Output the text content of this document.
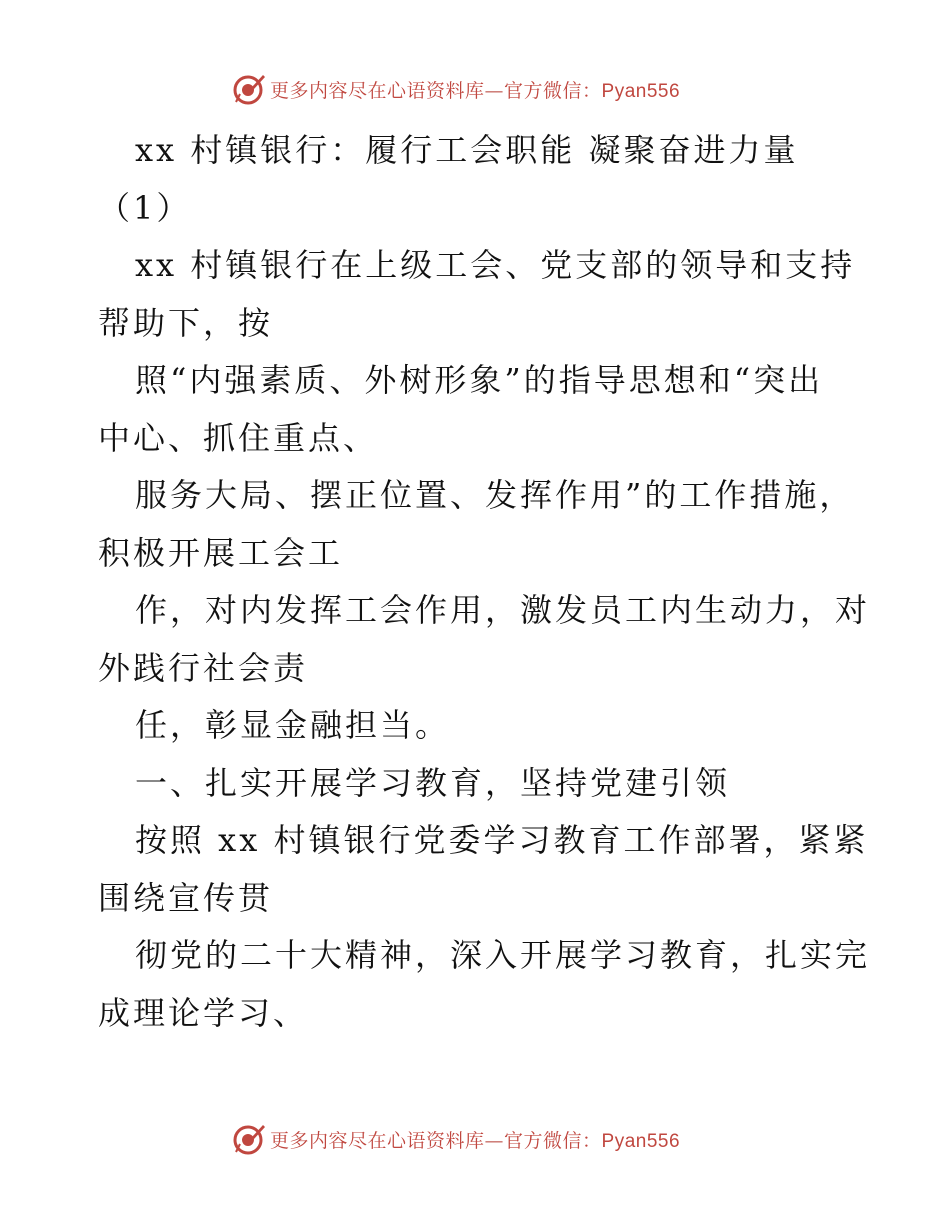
更多内容尽在心语资料库—官方微信：Pyan556
xx 村镇银行：履行工会职能 凝聚奋进力量
（1）
xx 村镇银行在上级工会、党支部的领导和支持
帮助下，按
照“内强素质、外树形象”的指导思想和“突出
中心、抓住重点、
服务大局、摆正位置、发挥作用”的工作措施，
积极开展工会工
作，对内发挥工会作用，激发员工内生动力，对
外践行社会责
任，彰显金融担当。
一、扎实开展学习教育，坚持党建引领
按照 xx 村镇银行党委学习教育工作部署，紧紧
围绕宣传贯
彻党的二十大精神，深入开展学习教育，扎实完
成理论学习、
更多内容尽在心语资料库—官方微信：Pyan556
